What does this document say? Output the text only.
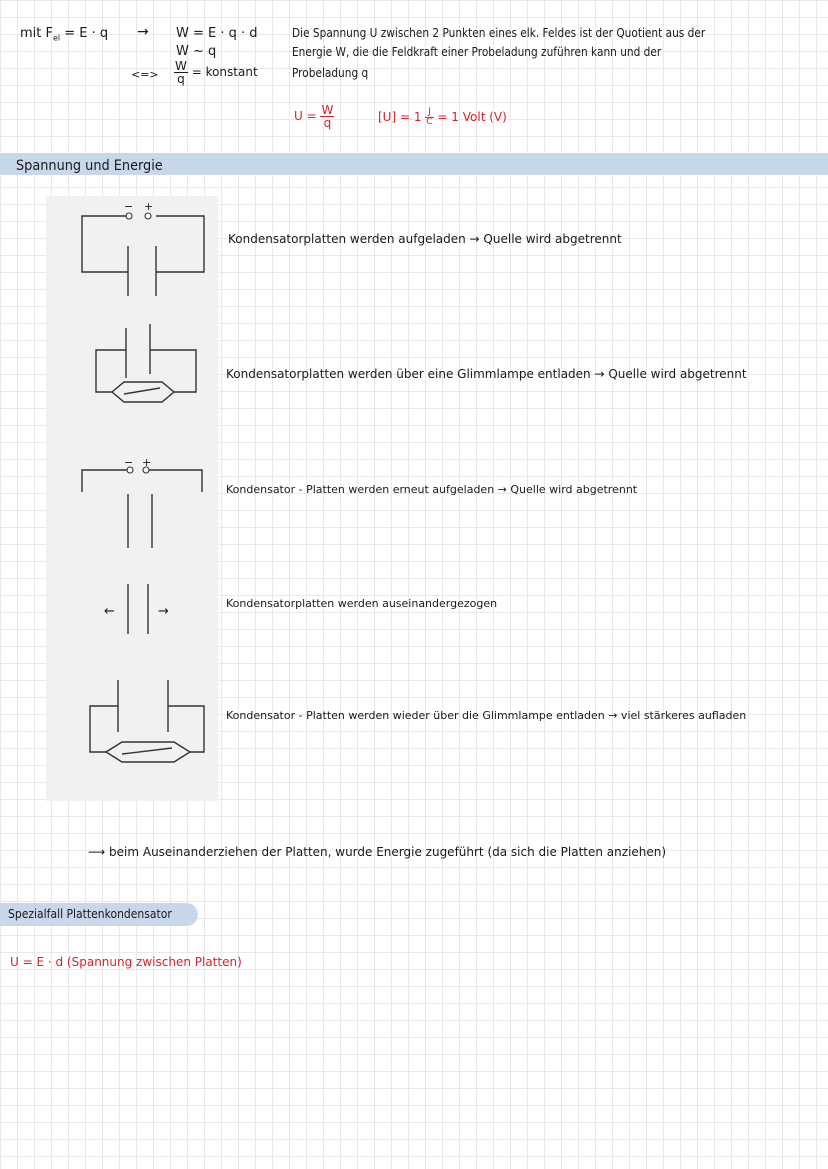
mit $F_{el} = E \cdot q \to W = E \cdot q \cdot d$
W ~ q
<=> $\frac{W}{q}$ = konstant
Die Spannung U zwischen 2 Punkten eines elk. Feldes ist der Quotient aus der
Energie W, die die Feldkraft einer Probeladung zuführen kann und der
Probeladung q
$U = \frac{W}{q}$	$[U] = 1 \frac{J}{C} = 1$ Volt (V)
Spannung und Energie
− +
− +
←	→
Kondensatorplatten werden aufgeladen → Quelle wird abgetrennt
Kondensatorplatten werden über eine Glimmlampe entladen → Quelle wird abgetrennt
Kondensator - Platten werden erneut aufgeladen → Quelle wird abgetrennt
Kondensatorplatten werden auseinandergezogen
Kondensator - Platten werden wieder über die Glimmlampe entladen → viel stärkeres aufladen
⟶ beim Auseinanderziehen der Platten, wurde Energie zugeführt (da sich die Platten anziehen)
Spezialfall Plattenkondensator
U = E · d (Spannung zwischen Platten)
